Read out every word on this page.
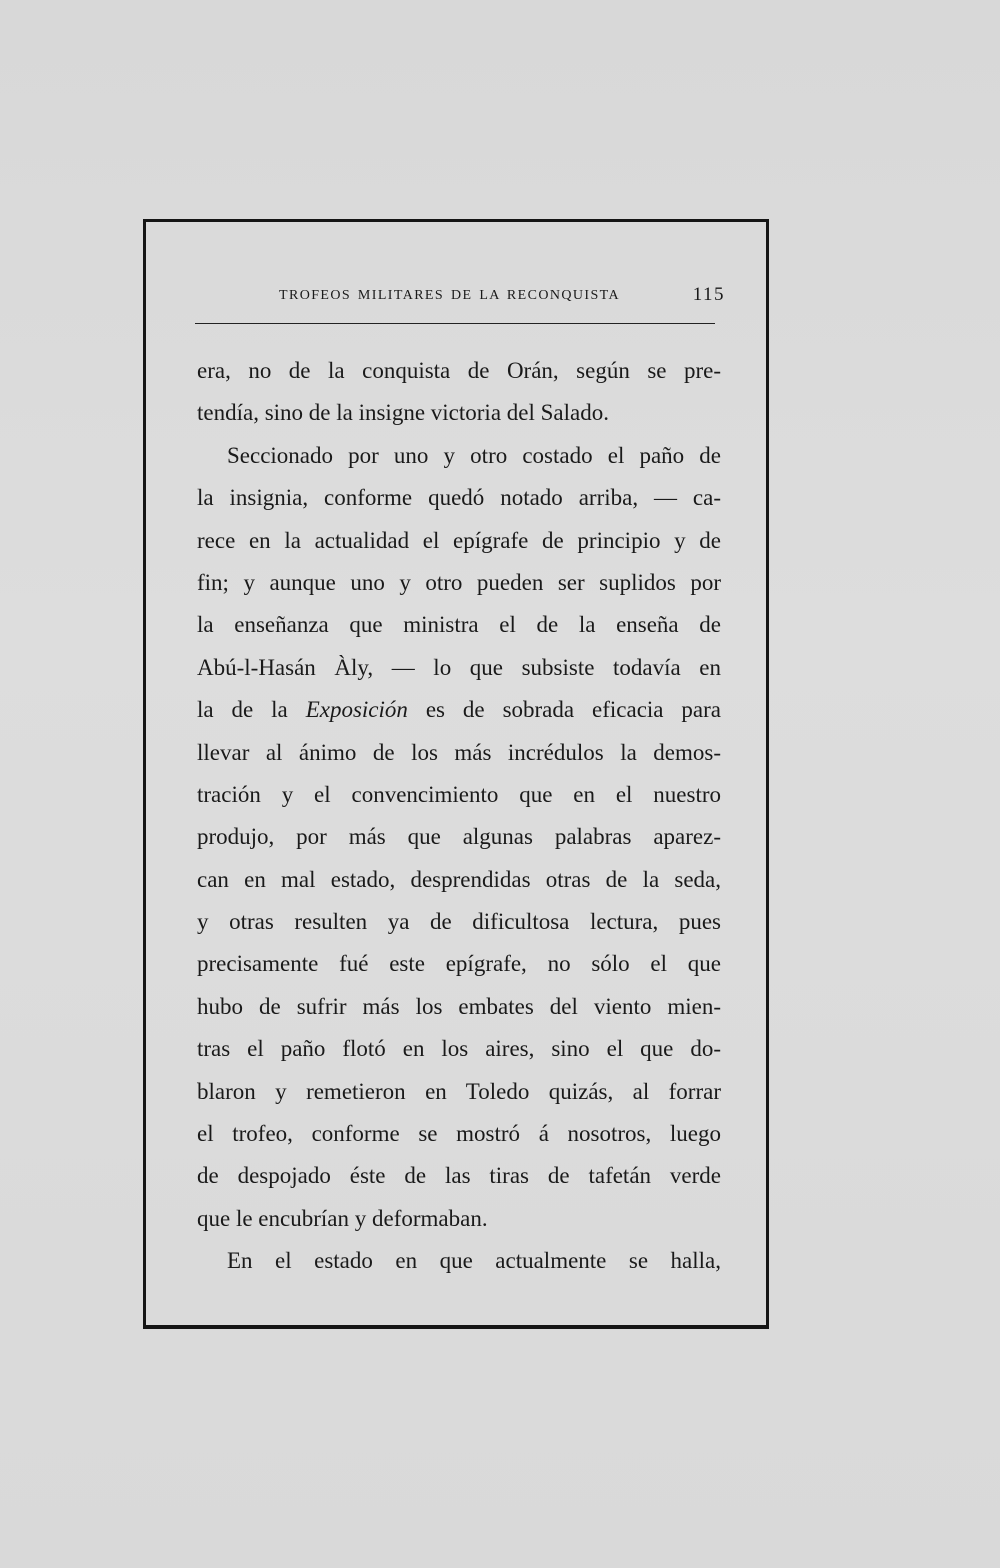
TROFEOS MILITARES DE LA RECONQUISTA	115
era, no de la conquista de Orán, según se pre-
tendía, sino de la insigne victoria del Salado.
Seccionado por uno y otro costado el paño de
la insignia, conforme quedó notado arriba, — ca-
rece en la actualidad el epígrafe de principio y de
fin; y aunque uno y otro pueden ser suplidos por
la enseñanza que ministra el de la enseña de
Abú-l-Hasán Àly, — lo que subsiste todavía en
la de la Exposición es de sobrada eficacia para
llevar al ánimo de los más incrédulos la demos-
tración y el convencimiento que en el nuestro
produjo, por más que algunas palabras aparez-
can en mal estado, desprendidas otras de la seda,
y otras resulten ya de dificultosa lectura, pues
precisamente fué este epígrafe, no sólo el que
hubo de sufrir más los embates del viento mien-
tras el paño flotó en los aires, sino el que do-
blaron y remetieron en Toledo quizás, al forrar
el trofeo, conforme se mostró á nosotros, luego
de despojado éste de las tiras de tafetán verde
que le encubrían y deformaban.
En el estado en que actualmente se halla,
